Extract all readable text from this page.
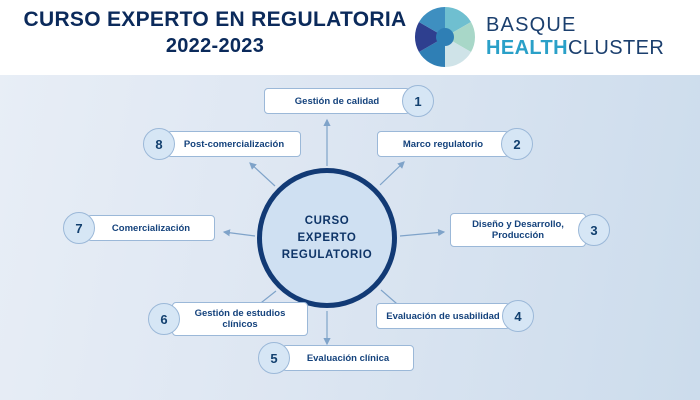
CURSO EXPERTO EN REGULATORIA
2022-2023
BASQUE
HEALTHCLUSTER
CURSO
EXPERTO
REGULATORIO
Gestión de calidad	1
Marco regulatorio	2
Diseño y Desarrollo, Producción	3
Evaluación de usabilidad	4
5	Evaluación clínica
6	Gestión de estudios clínicos
7	Comercialización
8	Post-comercialización
